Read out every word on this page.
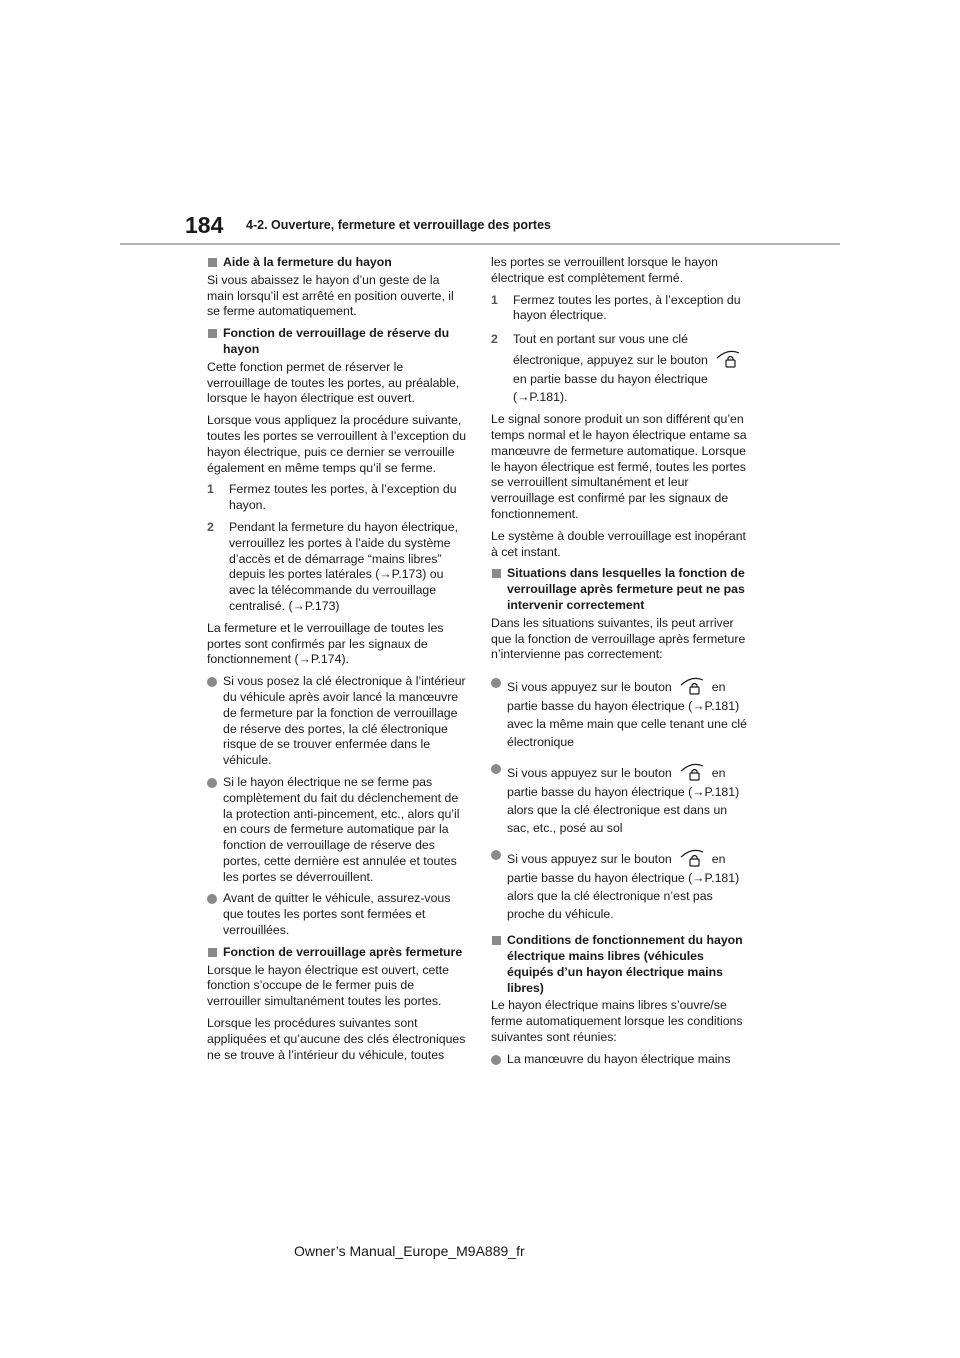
184 4-2. Ouverture, fermeture et verrouillage des portes
Aide à la fermeture du hayon

Si vous abaissez le hayon d’un geste de la main lorsqu’il est arrêté en position ouverte, il se ferme automatiquement.

Fonction de verrouillage de réserve du hayon

Cette fonction permet de réserver le verrouillage de toutes les portes, au préalable, lorsque le hayon électrique est ouvert.

Lorsque vous appliquez la procédure suivante, toutes les portes se verrouillent à l’exception du hayon électrique, puis ce dernier se verrouille également en même temps qu’il se ferme.

1 Fermez toutes les portes, à l’exception du hayon.
2 Pendant la fermeture du hayon électrique, verrouillez les portes à l’aide du système d’accès et de démarrage “mains libres” depuis les portes latérales (→P.173) ou avec la télécommande du verrouillage centralisé. (→P.173)

La fermeture et le verrouillage de toutes les portes sont confirmés par les signaux de fonctionnement (→P.174).

Si vous posez la clé électronique à l’intérieur du véhicule après avoir lancé la manœuvre de fermeture par la fonction de verrouillage de réserve des portes, la clé électronique risque de se trouver enfermée dans le véhicule.
Si le hayon électrique ne se ferme pas complètement du fait du déclenchement de la protection anti-pincement, etc., alors qu’il en cours de fermeture automatique par la fonction de verrouillage de réserve des portes, cette dernière est annulée et toutes les portes se déverrouillent.
Avant de quitter le véhicule, assurez-vous que toutes les portes sont fermées et verrouillées.
Fonction de verrouillage après fermeture

Lorsque le hayon électrique est ouvert, cette fonction s’occupe de le fermer puis de verrouiller simultanément toutes les portes.

Lorsque les procédures suivantes sont appliquées et qu’aucune des clés électroniques ne se trouve à l’intérieur du véhicule, toutes

les portes se verrouillent lorsque le hayon électrique est complètement fermé.

1 Fermez toutes les portes, à l’exception du hayon électrique.
2 Tout en portant sur vous une clé électronique, appuyez sur le boutonen partie basse du hayon électrique (→P.181).

Le signal sonore produit un son différent qu’en temps normal et le hayon électrique entame sa manœuvre de fermeture automatique. Lorsque le hayon électrique est fermé, toutes les portes se verrouillent simultanément et leur verrouillage est confirmé par les signaux de fonctionnement.

Le système à double verrouillage est inopérant à cet instant.

Situations dans lesquelles la fonction de verrouillage après fermeture peut ne pas intervenir correctement

Dans les situations suivantes, ils peut arriver que la fonction de verrouillage après fermeture n’intervienne pas correctement:

Si vous appuyez sur le bouton	en partie basse du hayon électrique (→P.181) avec la même main que celle tenant une clé électronique
Si vous appuyez sur le bouton	en partie basse du hayon électrique (→P.181) alors que la clé électronique est dans un sac, etc., posé au sol
Si vous appuyez sur le bouton	en partie basse du hayon électrique (→P.181) alors que la clé électronique n’est pas proche du véhicule.
Conditions de fonctionnement du hayon électrique mains libres (véhicules équipés d’un hayon électrique mains libres)

Le hayon électrique mains libres s’ouvre/se ferme automatiquement lorsque les conditions suivantes sont réunies:

La manœuvre du hayon électrique mains
Owner’s Manual_Europe_M9A889_fr
